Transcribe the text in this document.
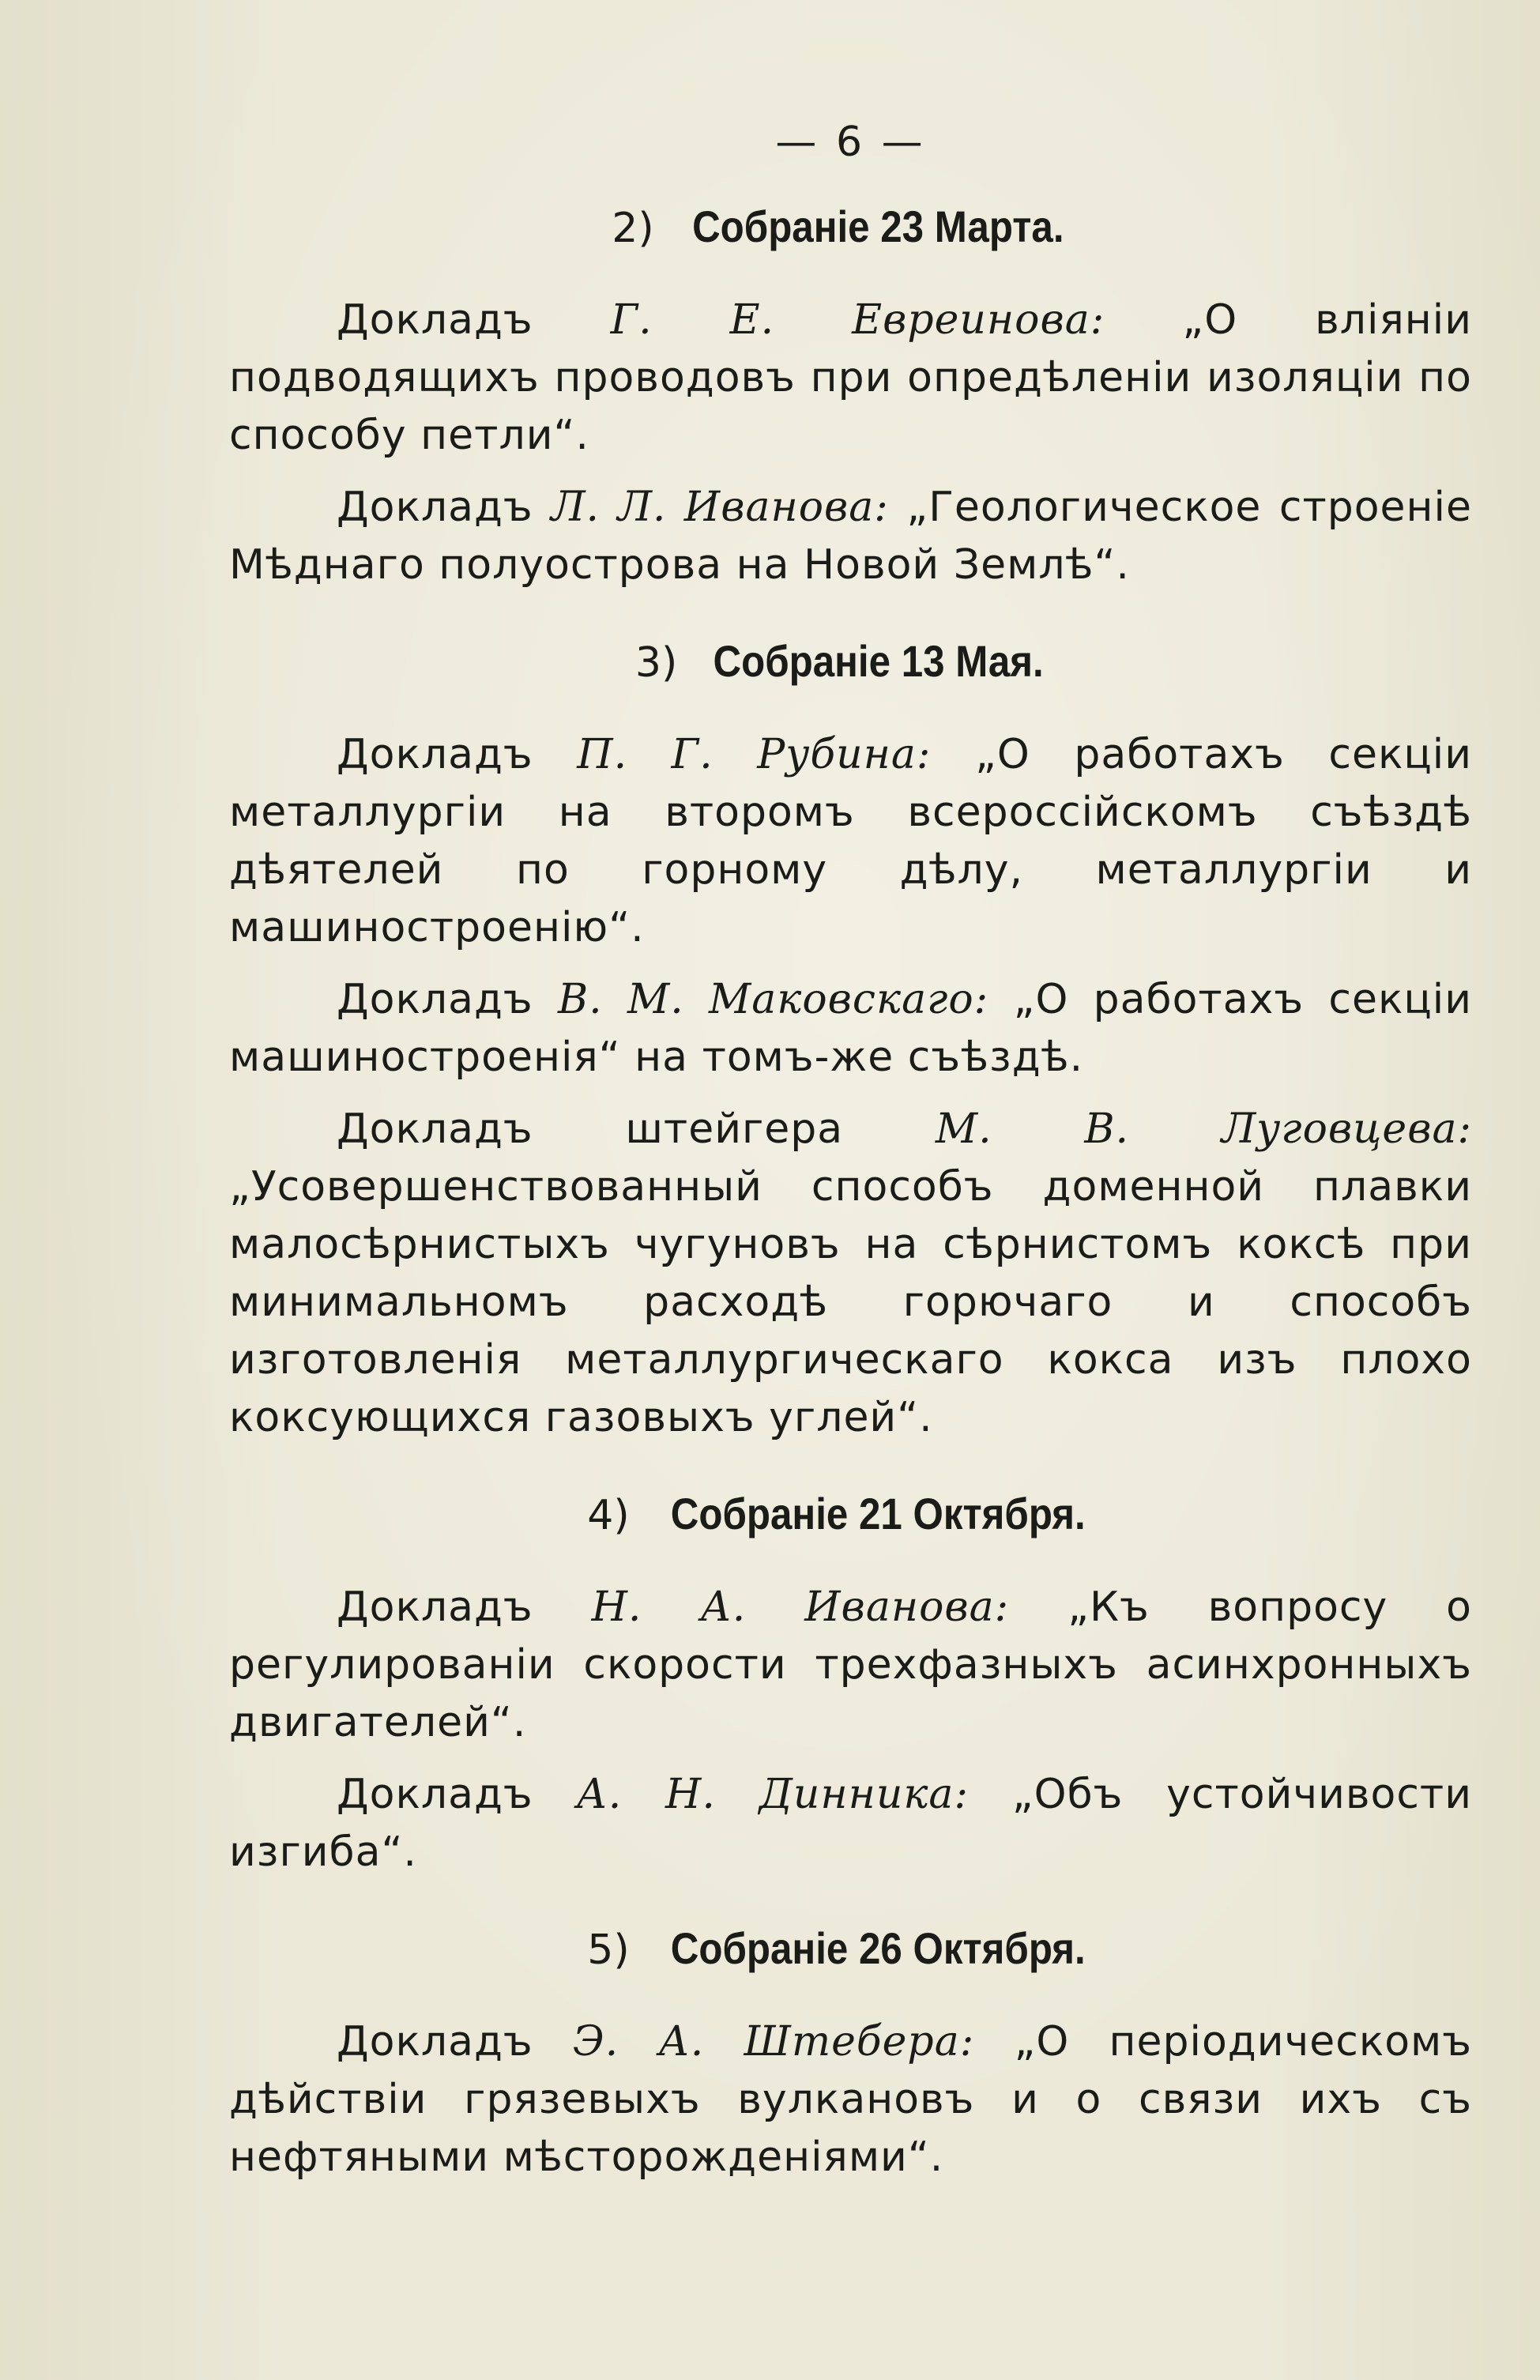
— 6 —
2) Собраніе 23 Марта.

Докладъ Г. Е. Евреинова: „О вліяніи подводящихъ проводовъ при опредѣленіи изоляціи по способу петли“.

Докладъ Л. Л. Иванова: „Геологическое строеніе Мѣднаго полуострова на Новой Землѣ“.

3) Собраніе 13 Мая.

Докладъ П. Г. Рубина: „О работахъ секціи металлургіи на второмъ всероссійскомъ съѣздѣ дѣятелей по горному дѣлу, металлургіи и машиностроенію“.

Докладъ В. М. Маковскаго: „О работахъ секціи машиностроенія“ на томъ-же съѣздѣ.

Докладъ штейгера М. В. Луговцева: „Усовершенствованный способъ доменной плавки малосѣрнистыхъ чугуновъ на сѣрнистомъ коксѣ при минимальномъ расходѣ горючаго и способъ изготовленія металлургическаго кокса изъ плохо коксующихся газовыхъ углей“.

4) Собраніе 21 Октября.

Докладъ Н. А. Иванова: „Къ вопросу о регулированіи скорости трехфазныхъ асинхронныхъ двигателей“.

Докладъ А. Н. Динника: „Объ устойчивости изгиба“.

5) Собраніе 26 Октября.

Докладъ Э. А. Штебера: „О періодическомъ дѣйствіи грязевыхъ вулкановъ и о связи ихъ съ нефтяными мѣсторожденіями“.
